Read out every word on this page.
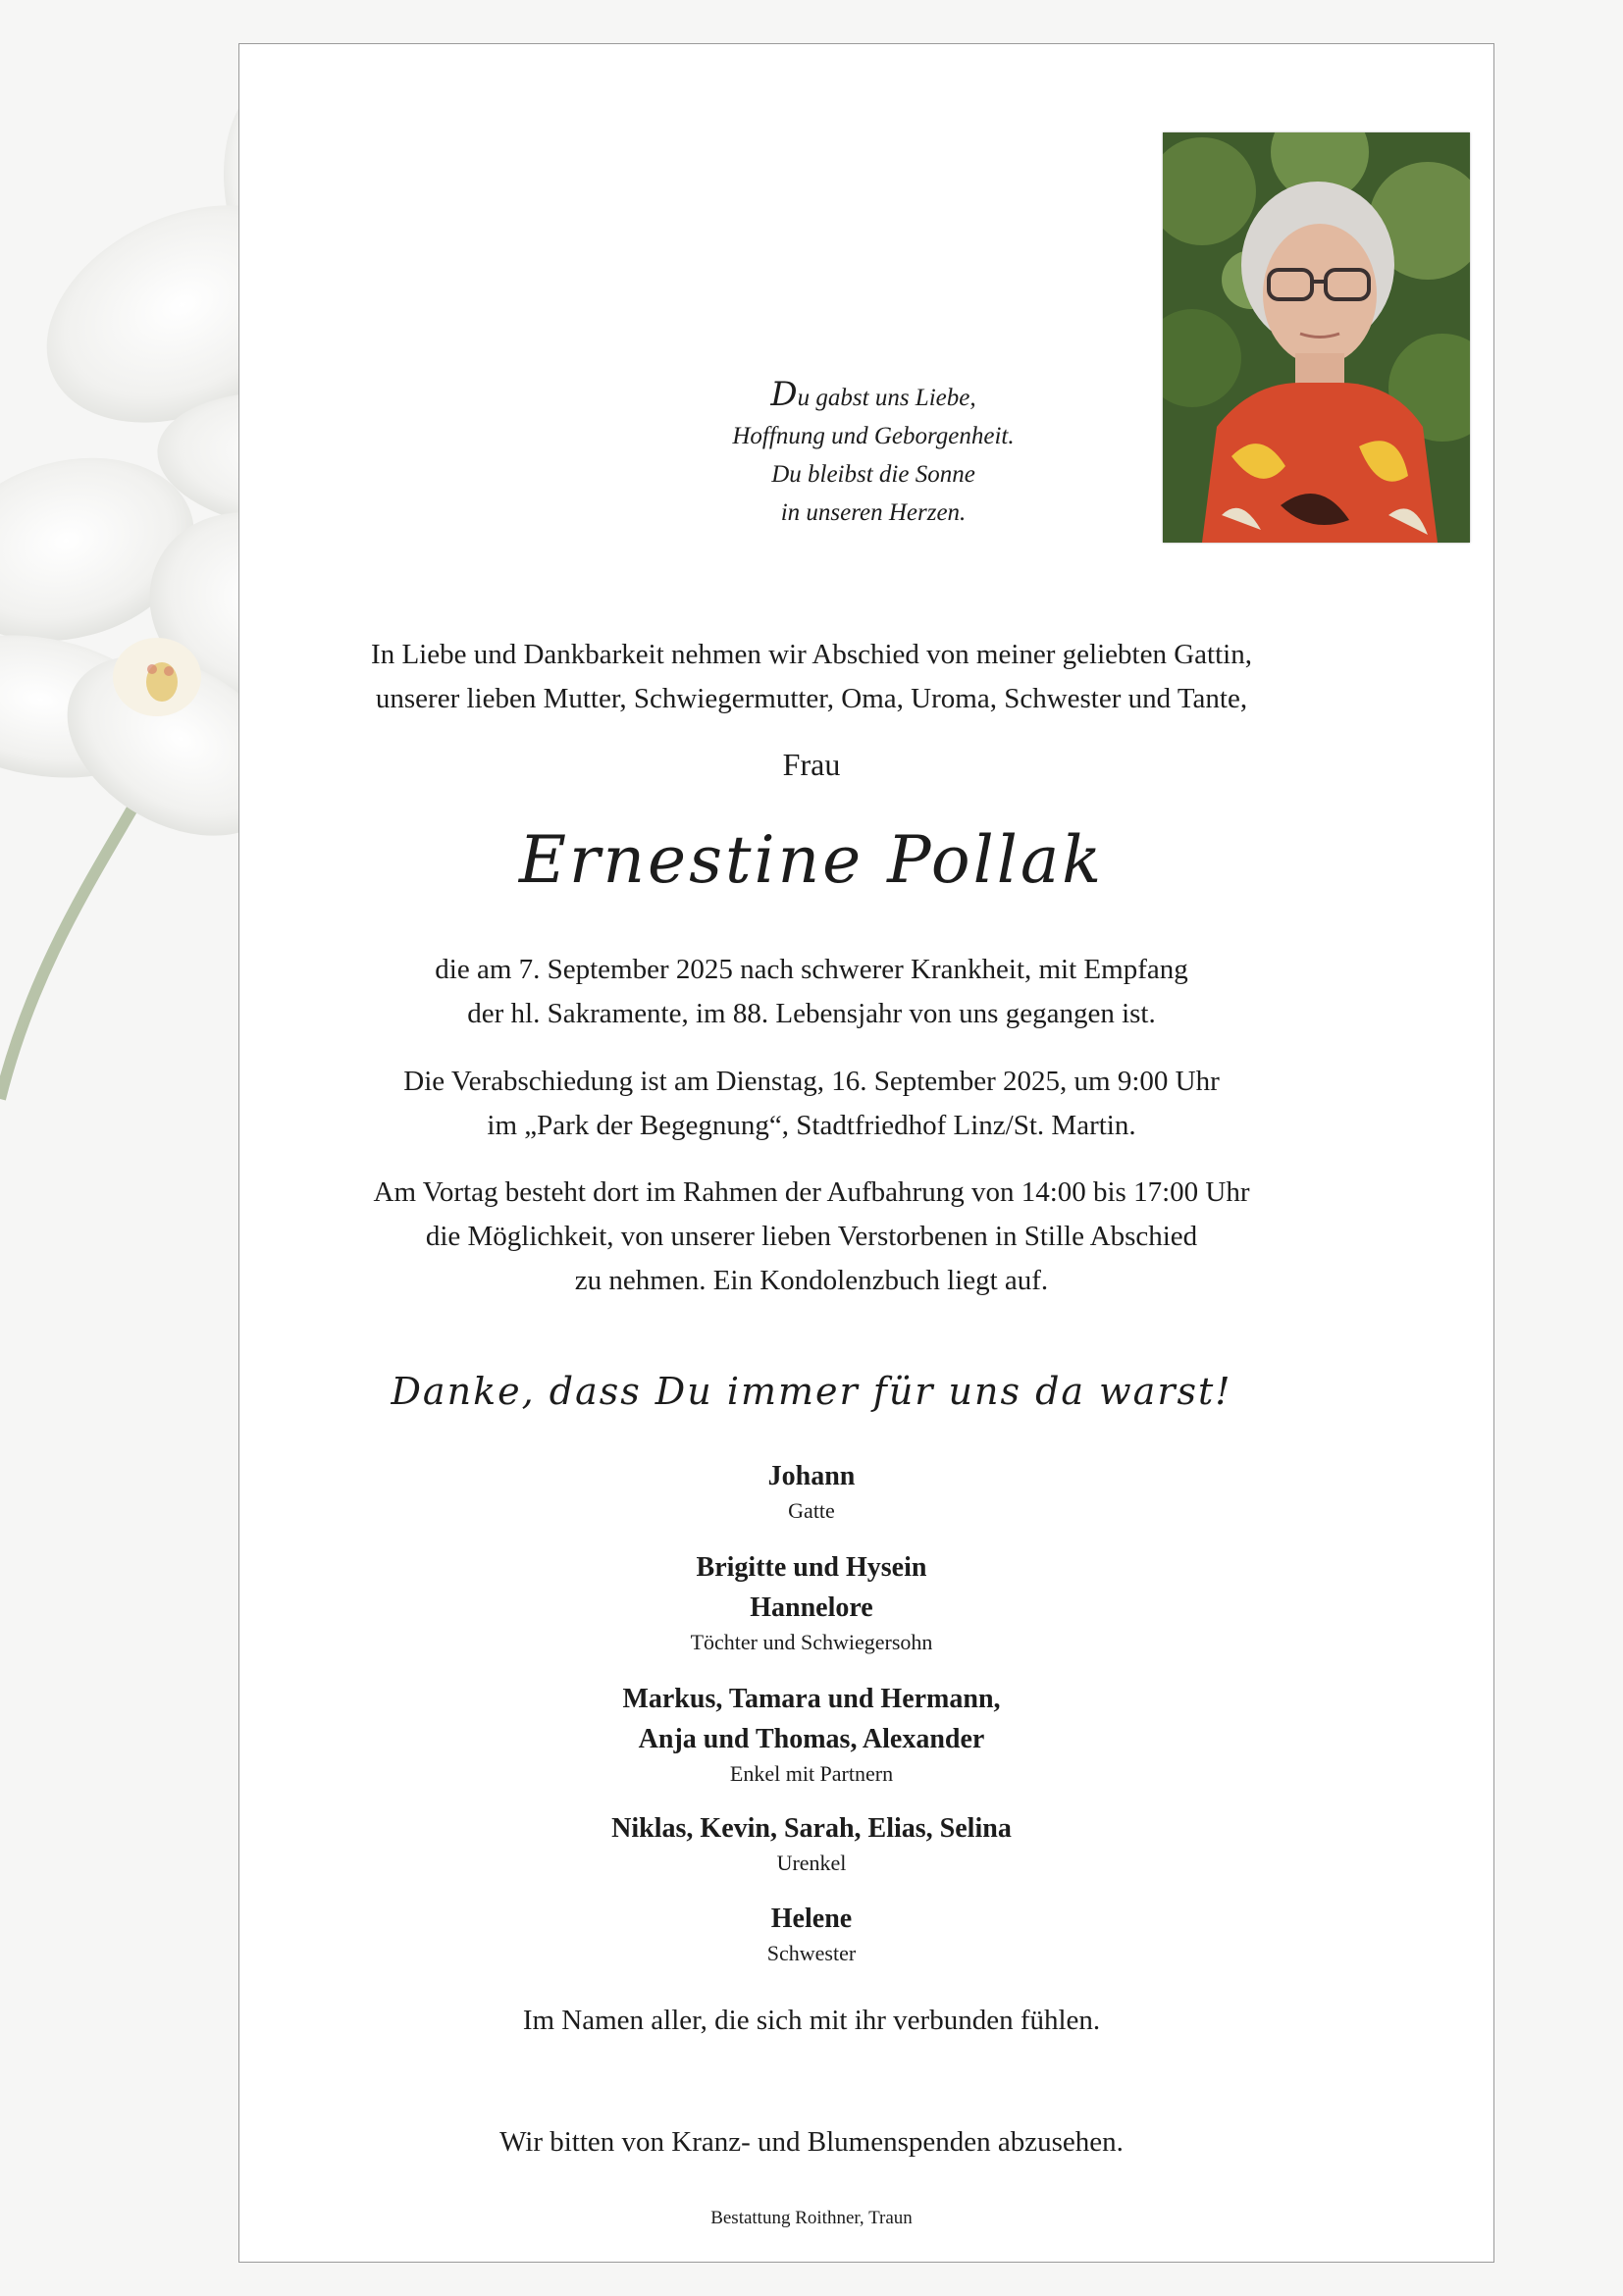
Du gabst uns Liebe,
Hoffnung und Geborgenheit.
Du bleibst die Sonne
in unseren Herzen.
In Liebe und Dankbarkeit nehmen wir Abschied von meiner geliebten Gattin,
unserer lieben Mutter, Schwiegermutter, Oma, Uroma, Schwester und Tante,
Frau
Ernestine Pollak
die am 7. September 2025 nach schwerer Krankheit, mit Empfang
der hl. Sakramente, im 88. Lebensjahr von uns gegangen ist.
Die Verabschiedung ist am Dienstag, 16. September 2025, um 9:00 Uhr
im „Park der Begegnung“, Stadtfriedhof Linz/St. Martin.
Am Vortag besteht dort im Rahmen der Aufbahrung von 14:00 bis 17:00 Uhr
die Möglichkeit, von unserer lieben Verstorbenen in Stille Abschied
zu nehmen. Ein Kondolenzbuch liegt auf.
Danke, dass Du immer für uns da warst!
Johann
Gatte
Brigitte und Hysein
Hannelore
Töchter und Schwiegersohn
Markus, Tamara und Hermann,
Anja und Thomas, Alexander
Enkel mit Partnern
Niklas, Kevin, Sarah, Elias, Selina
Urenkel
Helene
Schwester
Im Namen aller, die sich mit ihr verbunden fühlen.
Wir bitten von Kranz- und Blumenspenden abzusehen.
Bestattung Roithner, Traun
